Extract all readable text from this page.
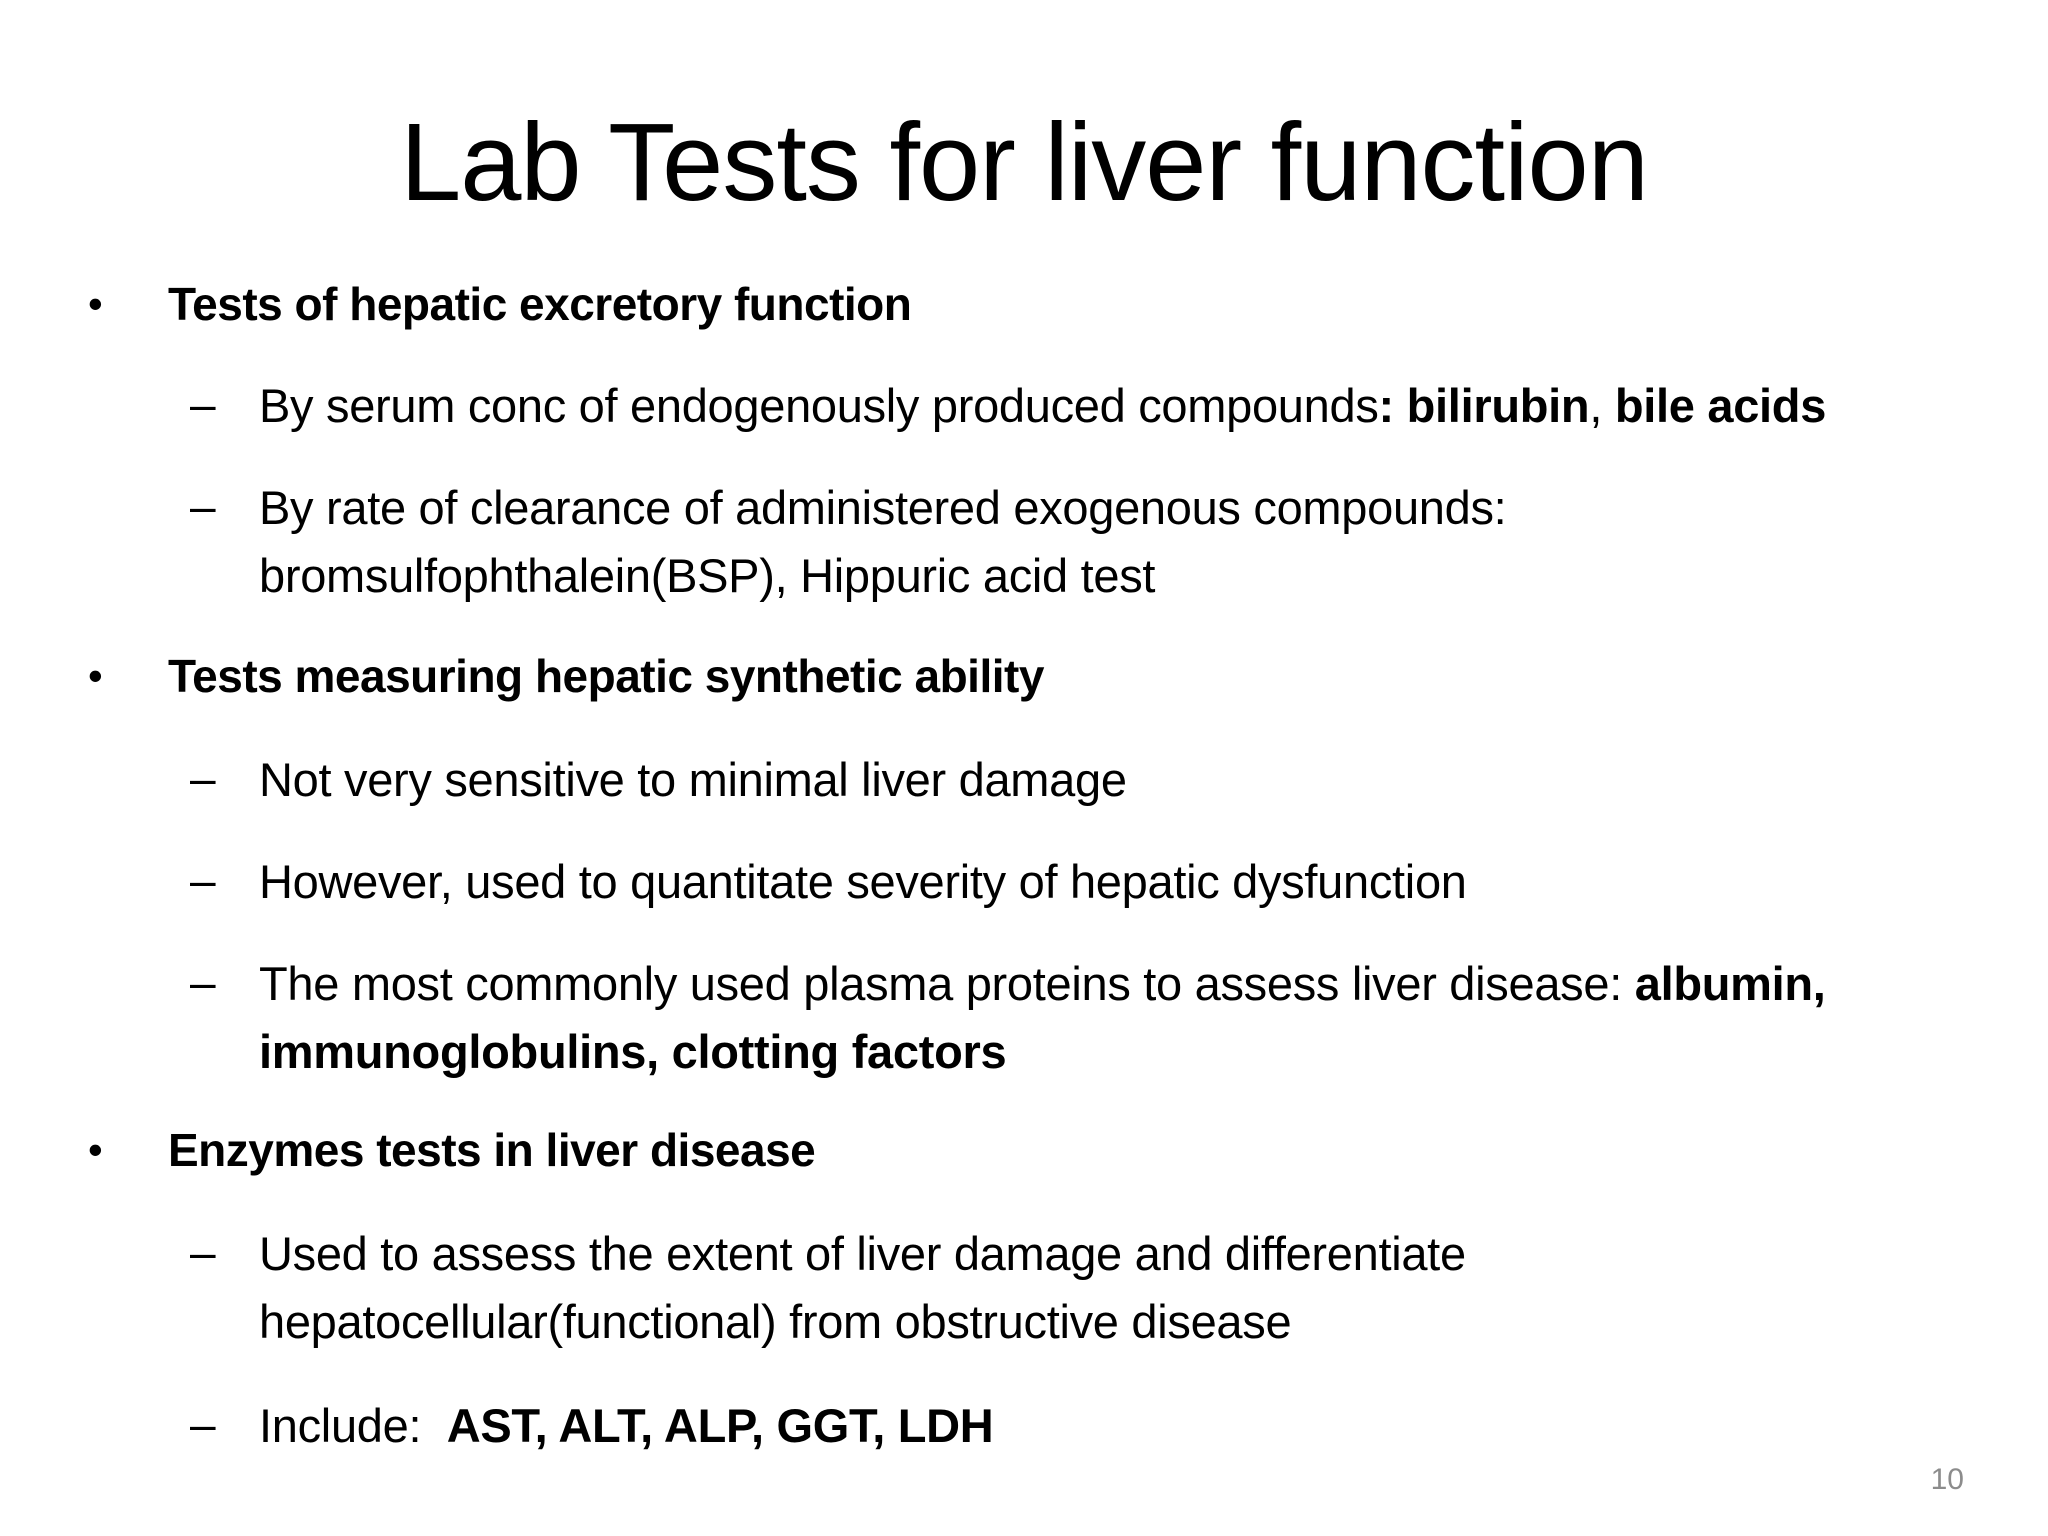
Lab Tests for liver function
• Tests of hepatic excretory function
– By serum conc of endogenously produced compounds: bilirubin, bile acids
– By rate of clearance of administered exogenous compounds:
bromsulfophthalein(BSP), Hippuric acid test
• Tests measuring hepatic synthetic ability
– Not very sensitive to minimal liver damage
– However, used to quantitate severity of hepatic dysfunction
– The most commonly used plasma proteins to assess liver disease: albumin,
immunoglobulins, clotting factors
• Enzymes tests in liver disease
– Used to assess the extent of liver damage and differentiate
hepatocellular(functional) from obstructive disease
– Include:  AST, ALT, ALP, GGT, LDH
10
